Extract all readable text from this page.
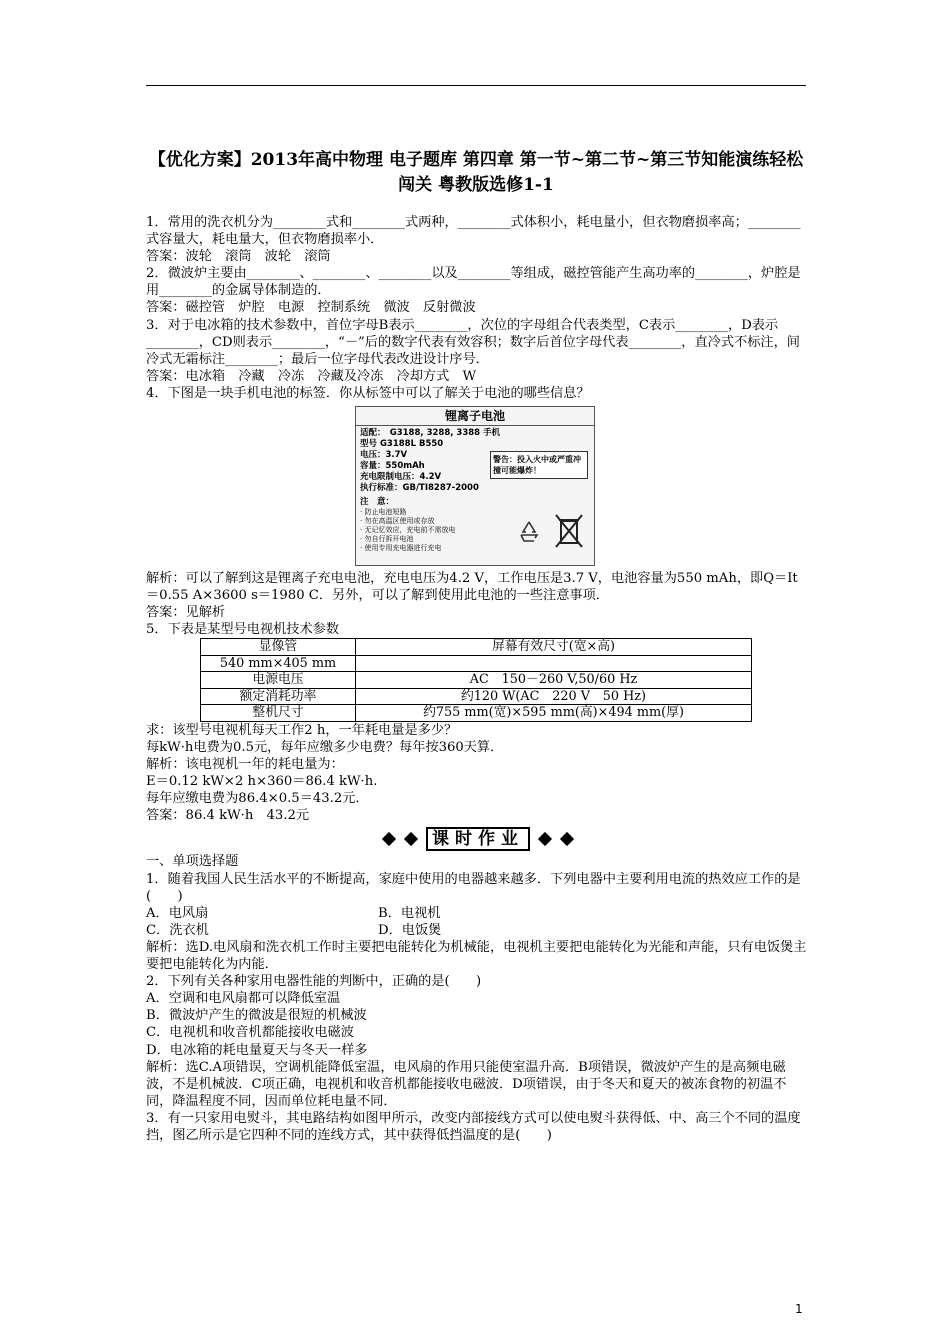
【优化方案】2013年高中物理 电子题库 第四章 第一节~第二节~第三节知能演练轻松闯关 粤教版选修1-1

1．常用的洗衣机分为________式和________式两种，________式体积小，耗电量小，但衣物磨损率高；________式容量大，耗电量大，但衣物磨损率小．

答案：波轮　滚筒　波轮　滚筒

2．微波炉主要由________、________、________以及________等组成，磁控管能产生高功率的________，炉腔是用________的金属导体制造的．

答案：磁控管　炉腔　电源　控制系统　微波　反射微波

3．对于电冰箱的技术参数中，首位字母B表示________，次位的字母组合代表类型，C表示________，D表示________，CD则表示________，“－”后的数字代表有效容积；数字后首位字母代表________，直冷式不标注，间冷式无霜标注________；最后一位字母代表改进设计序号．

答案：电冰箱　冷藏　冷冻　冷藏及冷冻　冷却方式　W

4．下图是一块手机电池的标签．你从标签中可以了解关于电池的哪些信息？

锂离子电池
适配：　G3188, 3288, 3388 手机
型号 G3188L B550
电压：3.7V
容量：550mAh
充电限制电压：4.2V
执行标准：GB/TI8287-2000
警告：投入火中或严重冲撞可能爆炸！
注　意：
· 防止电池短路
· 勿在高温区使用或存放
· 无记忆效应，充电前不需放电
· 勿自行拆开电池
· 使用专用充电器进行充电

解析：可以了解到这是锂离子充电电池，充电电压为4.2 V，工作电压是3.7 V，电池容量为550 mAh，即Q＝It＝0.55 A×3600 s＝1980 C．另外，可以了解到使用此电池的一些注意事项．

答案：见解析

5．下表是某型号电视机技术参数

显像管	屏幕有效尺寸(宽×高)
540 mm×405 mm	
电源电压	AC　150－260 V,50/60 Hz
额定消耗功率	约120 W(AC　220 V　50 Hz)
整机尺寸	约755 mm(宽)×595 mm(高)×494 mm(厚)

求：该型号电视机每天工作2 h，一年耗电量是多少？

每kW·h电费为0.5元，每年应缴多少电费？每年按360天算．

解析：该电视机一年的耗电量为：

E＝0.12 kW×2 h×360＝86.4 kW·h.

每年应缴电费为86.4×0.5＝43.2元．

答案：86.4 kW·h　43.2元

课时作业

一、单项选择题

1．随着我国人民生活水平的不断提高，家庭中使用的电器越来越多．下列电器中主要利用电流的热效应工作的是(　　)

A．电风扇	B．电视机
C．洗衣机	D．电饭煲

解析：选D.电风扇和洗衣机工作时主要把电能转化为机械能，电视机主要把电能转化为光能和声能，只有电饭煲主要把电能转化为内能．

2．下列有关各种家用电器性能的判断中，正确的是(　　)

A．空调和电风扇都可以降低室温

B．微波炉产生的微波是很短的机械波

C．电视机和收音机都能接收电磁波

D．电冰箱的耗电量夏天与冬天一样多

解析：选C.A项错误，空调机能降低室温，电风扇的作用只能使室温升高．B项错误，微波炉产生的是高频电磁波，不是机械波．C项正确，电视机和收音机都能接收电磁波．D项错误，由于冬天和夏天的被冻食物的初温不同，降温程度不同，因而单位耗电量不同．

3．有一只家用电熨斗，其电路结构如图甲所示，改变内部接线方式可以使电熨斗获得低、中、高三个不同的温度挡，图乙所示是它四种不同的连线方式，其中获得低挡温度的是(　　)

1
